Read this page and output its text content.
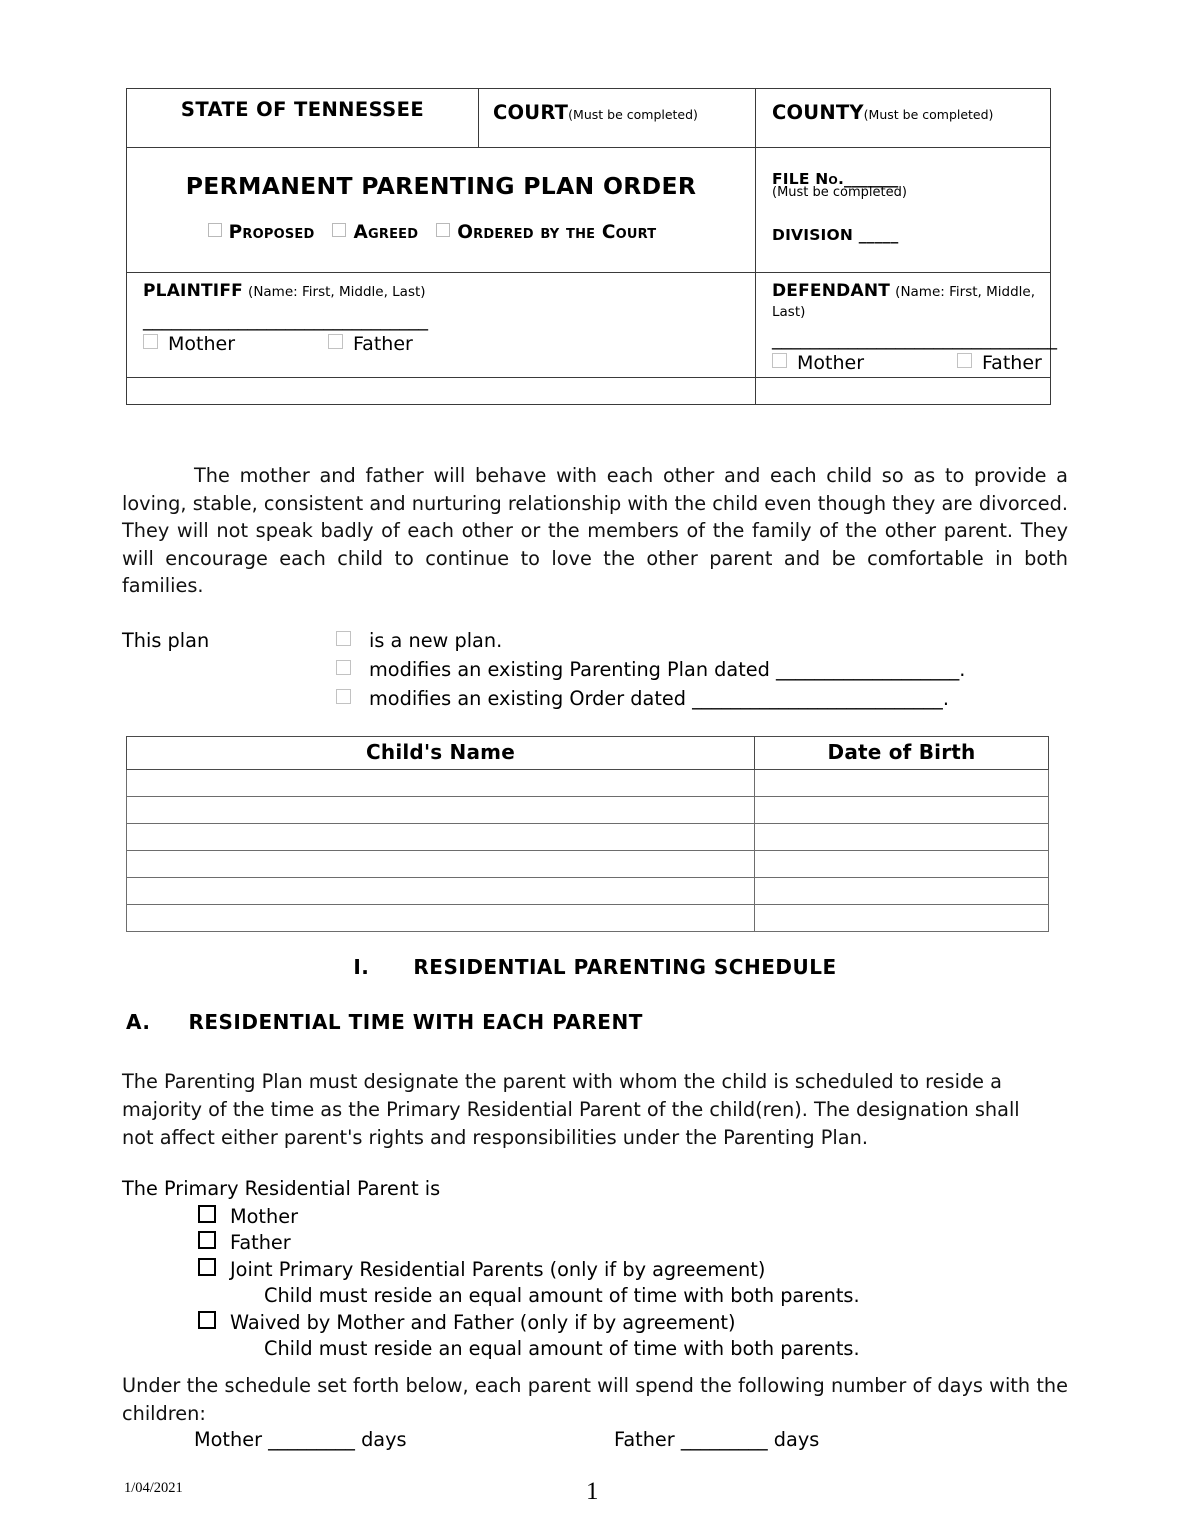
STATE OF TENNESSEE	COURT(Must be completed)	COUNTY(Must be completed)

PERMANENT PARENTING PLAN ORDER
Proposed Agreed Ordered by the Court

FILE No._______
(Must be completed)
DIVISION _____

PLAINTIFF (Name: First, Middle, Last)
______________________________
Mother	Father

DEFENDANT (Name: First, Middle, Last)
______________________________
Mother	Father

The mother and father will behave with each other and each child so as to provide a loving, stable, consistent and nurturing relationship with the child even though they are divorced. They will not speak badly of each other or the members of the family of the other parent. They will encourage each child to continue to love the other parent and be comfortable in both families.
This plan	is a new plan.
modifies an existing Parenting Plan dated ___________________.
modifies an existing Order dated __________________________.
Child's Name	Date of Birth

I. RESIDENTIAL PARENTING SCHEDULE
A. RESIDENTIAL TIME WITH EACH PARENT
The Parenting Plan must designate the parent with whom the child is scheduled to reside a majority of the time as the Primary Residential Parent of the child(ren). The designation shall not affect either parent's rights and responsibilities under the Parenting Plan.
The Primary Residential Parent is
Mother
Father
Joint Primary Residential Parents (only if by agreement)
Child must reside an equal amount of time with both parents.
Waived by Mother and Father (only if by agreement)
Child must reside an equal amount of time with both parents.
Under the schedule set forth below, each parent will spend the following number of days with the children:
Mother _________ days	Father _________ days
1/04/2021	1
